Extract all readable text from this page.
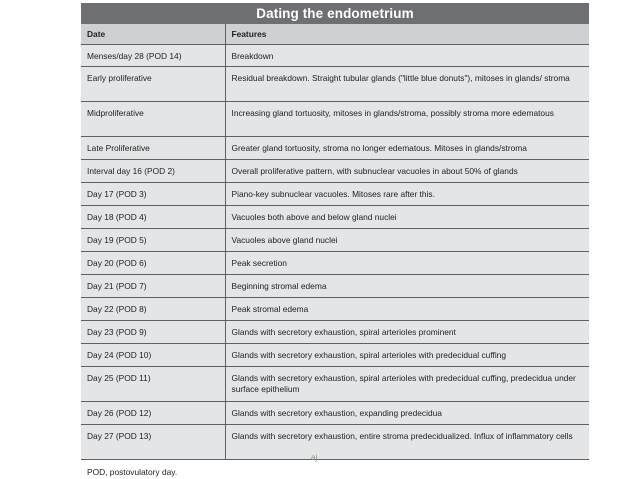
Dating the endometrium
Date	Features
Menses/day 28 (POD 14)	Breakdown
Early proliferative	Residual breakdown. Straight tubular glands ("little blue donuts"), mitoses in glands/ stroma
Midproliferative	Increasing gland tortuosity, mitoses in glands/stroma, possibly stroma more edematous
Late Proliferative	Greater gland tortuosity, stroma no longer edematous. Mitoses in glands/stroma
Interval day 16 (POD 2)	Overall proliferative pattern, with subnuclear vacuoles in about 50% of glands
Day 17 (POD 3)	Piano-key subnuclear vacuoles. Mitoses rare after this.
Day 18 (POD 4)	Vacuoles both above and below gland nuclei
Day 19 (POD 5)	Vacuoles above gland nuclei
Day 20 (POD 6)	Peak secretion
Day 21 (POD 7)	Beginning stromal edema
Day 22 (POD 8)	Peak stromal edema
Day 23 (POD 9)	Glands with secretory exhaustion, spiral arterioles prominent
Day 24 (POD 10)	Glands with secretory exhaustion, spiral arterioles with predecidual cuffing
Day 25 (POD 11)	Glands with secretory exhaustion, spiral arterioles with predecidual cuffing, predecidua under surface epithelium
Day 26 (POD 12)	Glands with secretory exhaustion, expanding predecidua
Day 27 (POD 13)	Glands with secretory exhaustion, entire stroma predecidualized. Influx of inflammatory cells
POD, postovulatory day.
aj
